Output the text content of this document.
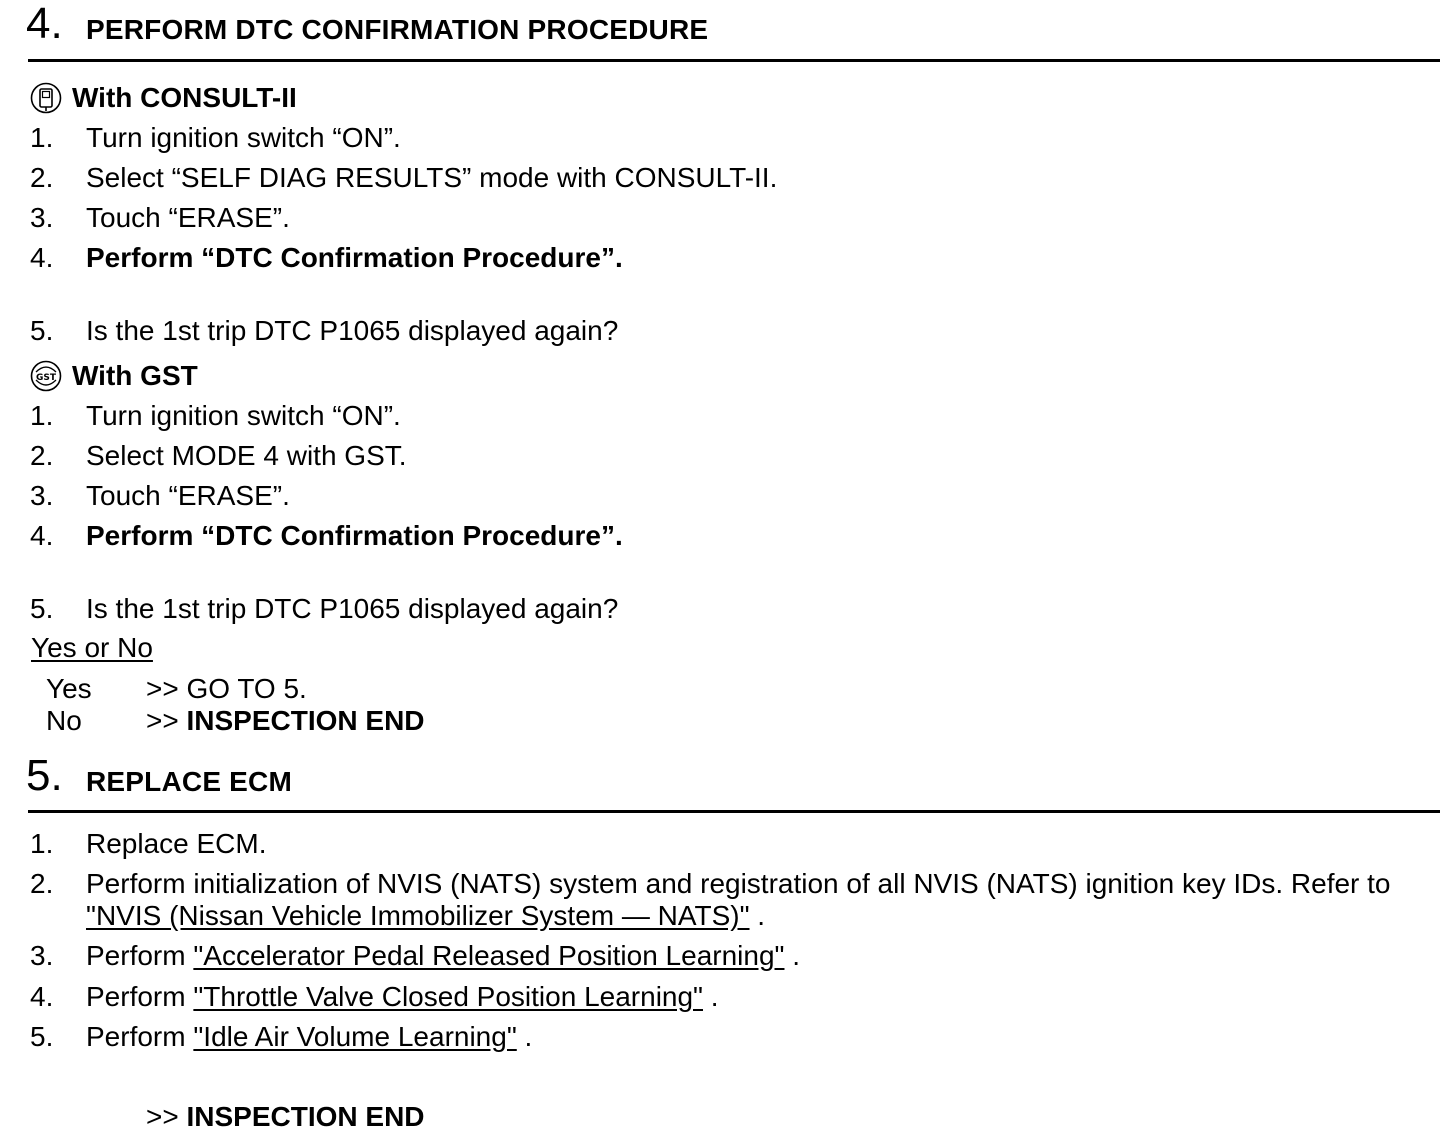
4. PERFORM DTC CONFIRMATION PROCEDURE
With CONSULT-II
1. Turn ignition switch “ON”.
2. Select “SELF DIAG RESULTS” mode with CONSULT-II.
3. Touch “ERASE”.
4. Perform “DTC Confirmation Procedure”.
5. Is the 1st trip DTC P1065 displayed again?
GST With GST
1. Turn ignition switch “ON”.
2. Select MODE 4 with GST.
3. Touch “ERASE”.
4. Perform “DTC Confirmation Procedure”.
5. Is the 1st trip DTC P1065 displayed again?
Yes or No
Yes >> GO TO 5.
No >> INSPECTION END
5. REPLACE ECM
1. Replace ECM.
2. Perform initialization of NVIS (NATS) system and registration of all NVIS (NATS) ignition key IDs. Refer to
"NVIS (Nissan Vehicle Immobilizer System — NATS)" .
3. Perform "Accelerator Pedal Released Position Learning" .
4. Perform "Throttle Valve Closed Position Learning" .
5. Perform "Idle Air Volume Learning" .
>> INSPECTION END
